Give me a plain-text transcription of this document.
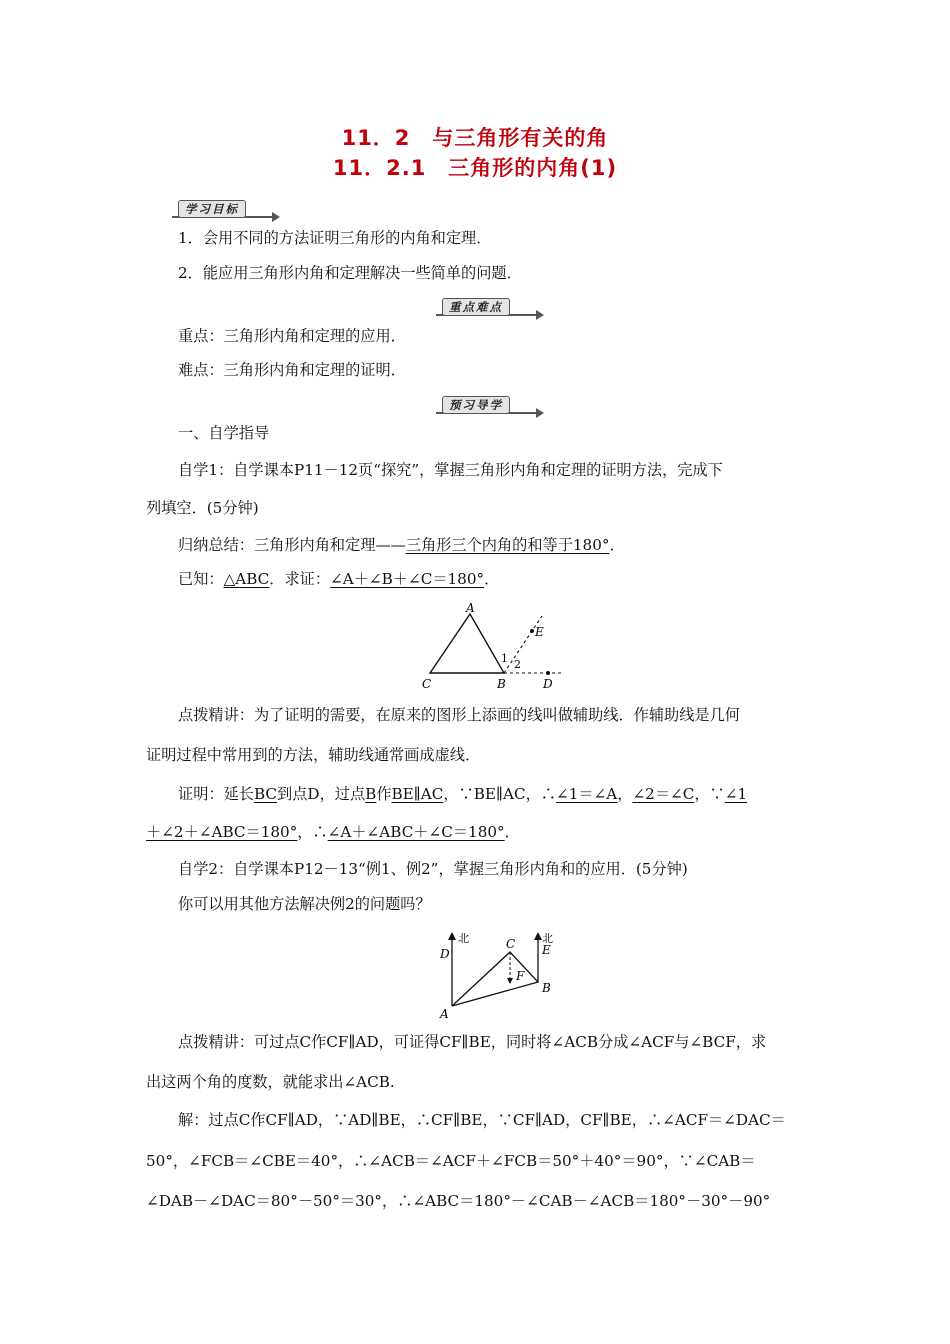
11．2　与三角形有关的角
11．2.1　三角形的内角(1)
学习目标
1．会用不同的方法证明三角形的内角和定理．
2．能应用三角形内角和定理解决一些简单的问题．
重点难点
重点：三角形内角和定理的应用．
难点：三角形内角和定理的证明．
预习导学
一、自学指导
自学1：自学课本P11－12页“探究”，掌握三角形内角和定理的证明方法，完成下
列填空．(5分钟)
归纳总结：三角形内角和定理——三角形三个内角的和等于180°．
已知：△ABC．求证：∠A＋∠B＋∠C＝180°．
A
C	B	D
E
1 2
点拨精讲：为了证明的需要，在原来的图形上添画的线叫做辅助线．作辅助线是几何
证明过程中常用到的方法，辅助线通常画成虚线．
证明：延长BC到点D，过点B作BE∥AC，∵BE∥AC，∴∠1＝∠A，∠2＝∠C，∵∠1
＋∠2＋∠ABC＝180°，∴∠A＋∠ABC＋∠C＝180°．
自学2：自学课本P12－13“例1、例2”，掌握三角形内角和的应用．(5分钟)
你可以用其他方法解决例2的问题吗？
北	北
D
C E
F
B
A
点拨精讲：可过点C作CF∥AD，可证得CF∥BE，同时将∠ACB分成∠ACF与∠BCF，求
出这两个角的度数，就能求出∠ACB.
解：过点C作CF∥AD，∵AD∥BE，∴CF∥BE，∵CF∥AD，CF∥BE，∴∠ACF＝∠DAC＝
50°，∠FCB＝∠CBE＝40°，∴∠ACB＝∠ACF＋∠FCB＝50°＋40°＝90°，∵∠CAB＝
∠DAB－∠DAC＝80°－50°＝30°，∴∠ABC＝180°－∠CAB－∠ACB＝180°－30°－90°
